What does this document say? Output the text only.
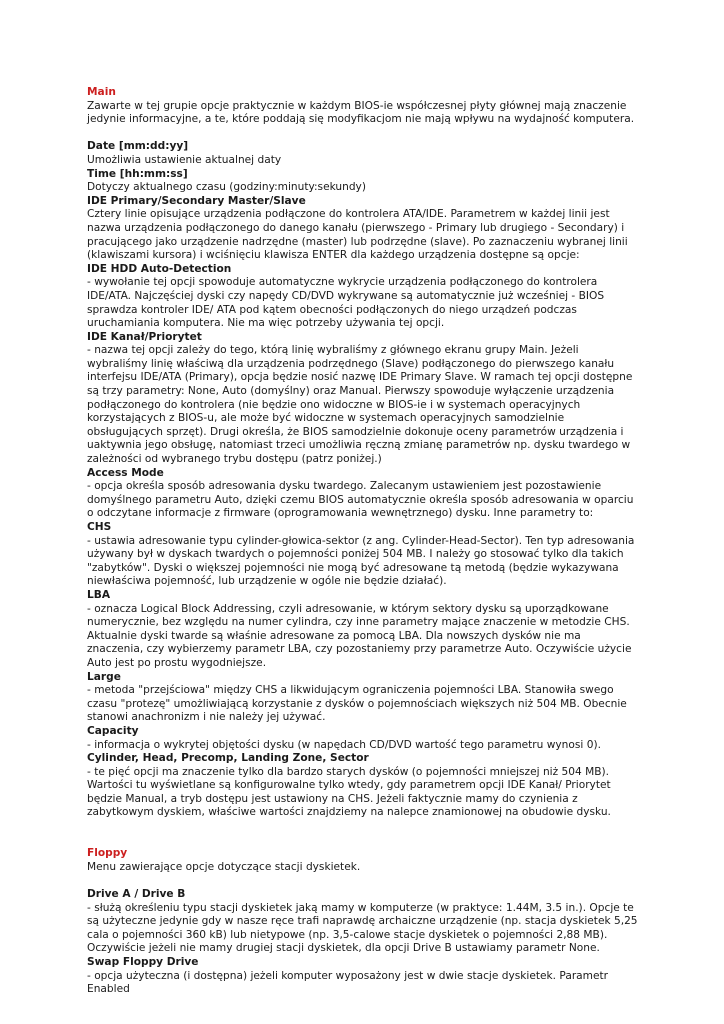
Main

Zawarte w tej grupie opcje praktycznie w każdym BIOS-ie współczesnej płyty głównej mają znaczenie jedynie informacyjne, a te, które poddają się modyfikacjom nie mają wpływu na wydajność komputera.

Date [mm:dd:yy]

Umożliwia ustawienie aktualnej daty

Time [hh:mm:ss]

Dotyczy aktualnego czasu (godziny:minuty:sekundy)

IDE Primary/Secondary Master/Slave

Cztery linie opisujące urządzenia podłączone do kontrolera ATA/IDE. Parametrem w każdej linii jest nazwa urządzenia podłączonego do danego kanału (pierwszego - Primary lub drugiego - Secondary) i pracującego jako urządzenie nadrzędne (master) lub podrzędne (slave). Po zaznaczeniu wybranej linii (klawiszami kursora) i wciśnięciu klawisza ENTER dla każdego urządzenia dostępne są opcje:

IDE HDD Auto-Detection

- wywołanie tej opcji spowoduje automatyczne wykrycie urządzenia podłączonego do kontrolera IDE/ATA. Najczęściej dyski czy napędy CD/DVD wykrywane są automatycznie już wcześniej - BIOS sprawdza kontroler IDE/ ATA pod kątem obecności podłączonych do niego urządzeń podczas uruchamiania komputera. Nie ma więc potrzeby używania tej opcji.

IDE Kanał/Priorytet

- nazwa tej opcji zależy do tego, którą linię wybraliśmy z głównego ekranu grupy Main. Jeżeli wybraliśmy linię właściwą dla urządzenia podrzędnego (Slave) podłączonego do pierwszego kanału interfejsu IDE/ATA (Primary), opcja będzie nosić nazwę IDE Primary Slave. W ramach tej opcji dostępne są trzy parametry: None, Auto (domyślny) oraz Manual. Pierwszy spowoduje wyłączenie urządzenia podłączonego do kontrolera (nie będzie ono widoczne w BIOS-ie i w systemach operacyjnych korzystających z BIOS-u, ale może być widoczne w systemach operacyjnych samodzielnie obsługujących sprzęt). Drugi określa, że BIOS samodzielnie dokonuje oceny parametrów urządzenia i uaktywnia jego obsługę, natomiast trzeci umożliwia ręczną zmianę parametrów np. dysku twardego w zależności od wybranego trybu dostępu (patrz poniżej.)

Access Mode

- opcja określa sposób adresowania dysku twardego. Zalecanym ustawieniem jest pozostawienie domyślnego parametru Auto, dzięki czemu BIOS automatycznie określa sposób adresowania w oparciu o odczytane informacje z firmware (oprogramowania wewnętrznego) dysku. Inne parametry to:

CHS

- ustawia adresowanie typu cylinder-głowica-sektor (z ang. Cylinder-Head-Sector). Ten typ adresowania używany był w dyskach twardych o pojemności poniżej 504 MB. I należy go stosować tylko dla takich "zabytków". Dyski o większej pojemności nie mogą być adresowane tą metodą (będzie wykazywana niewłaściwa pojemność, lub urządzenie w ogóle nie będzie działać).

LBA

- oznacza Logical Block Addressing, czyli adresowanie, w którym sektory dysku są uporządkowane numerycznie, bez względu na numer cylindra, czy inne parametry mające znaczenie w metodzie CHS. Aktualnie dyski twarde są właśnie adresowane za pomocą LBA. Dla nowszych dysków nie ma znaczenia, czy wybierzemy parametr LBA, czy pozostaniemy przy parametrze Auto. Oczywiście użycie Auto jest po prostu wygodniejsze.

Large

- metoda "przejściowa" między CHS a likwidującym ograniczenia pojemności LBA. Stanowiła swego czasu "protezę" umożliwiającą korzystanie z dysków o pojemnościach większych niż 504 MB. Obecnie stanowi anachronizm i nie należy jej używać.

Capacity

- informacja o wykrytej objętości dysku (w napędach CD/DVD wartość tego parametru wynosi 0).

Cylinder, Head, Precomp, Landing Zone, Sector

- te pięć opcji ma znaczenie tylko dla bardzo starych dysków (o pojemności mniejszej niż 504 MB). Wartości tu wyświetlane są konfigurowalne tylko wtedy, gdy parametrem opcji IDE Kanał/ Priorytet będzie Manual, a tryb dostępu jest ustawiony na CHS. Jeżeli faktycznie mamy do czynienia z zabytkowym dyskiem, właściwe wartości znajdziemy na nalepce znamionowej na obudowie dysku.

Floppy

Menu zawierające opcje dotyczące stacji dyskietek.

Drive A / Drive B

- służą określeniu typu stacji dyskietek jaką mamy w komputerze (w praktyce: 1.44M, 3.5 in.). Opcje te są użyteczne jedynie gdy w nasze ręce trafi naprawdę archaiczne urządzenie (np. stacja dyskietek 5,25 cala o pojemności 360 kB) lub nietypowe (np. 3,5-calowe stacje dyskietek o pojemności 2,88 MB). Oczywiście jeżeli nie mamy drugiej stacji dyskietek, dla opcji Drive B ustawiamy parametr None.

Swap Floppy Drive

- opcja użyteczna (i dostępna) jeżeli komputer wyposażony jest w dwie stacje dyskietek. Parametr Enabled
